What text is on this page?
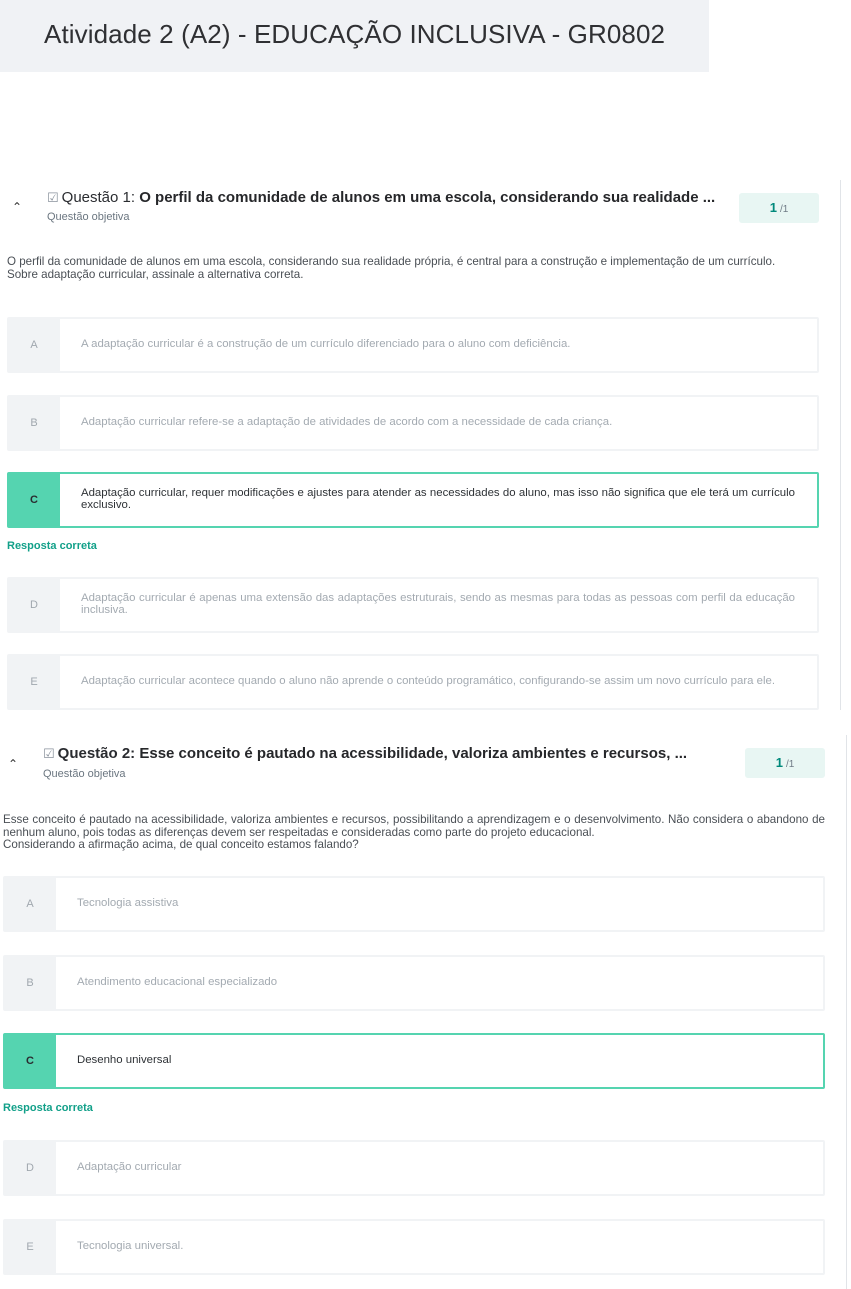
Atividade 2 (A2) - EDUCAÇÃO INCLUSIVA - GR0802
⌃
☑ Questão 1: O perfil da comunidade de alunos em uma escola, considerando sua realidade ...
Questão objetiva
1 /1

O perfil da comunidade de alunos em uma escola, considerando sua realidade própria, é central para a construção e implementação de um currículo.

Sobre adaptação curricular, assinale a alternativa correta.

A	A adaptação curricular é a construção de um currículo diferenciado para o aluno com deficiência.
B	Adaptação curricular refere-se a adaptação de atividades de acordo com a necessidade de cada criança.
C
Adaptação curricular, requer modificações e ajustes para atender as necessidades do aluno, mas isso não significa que ele terá um currículo exclusivo.
Resposta correta
D
Adaptação curricular é apenas uma extensão das adaptações estruturais, sendo as mesmas para todas as pessoas com perfil da educação inclusiva.
E	Adaptação curricular acontece quando o aluno não aprende o conteúdo programático, configurando-se assim um novo currículo para ele.
⌃
☑ Questão 2: Esse conceito é pautado na acessibilidade, valoriza ambientes e recursos, ...
Questão objetiva
1 /1

Esse conceito é pautado na acessibilidade, valoriza ambientes e recursos, possibilitando a aprendizagem e o desenvolvimento. Não considera o abandono de nenhum aluno, pois todas as diferenças devem ser respeitadas e consideradas como parte do projeto educacional.

Considerando a afirmação acima, de qual conceito estamos falando?

A	Tecnologia assistiva
B	Atendimento educacional especializado
C	Desenho universal
Resposta correta
D	Adaptação curricular
E	Tecnologia universal.
